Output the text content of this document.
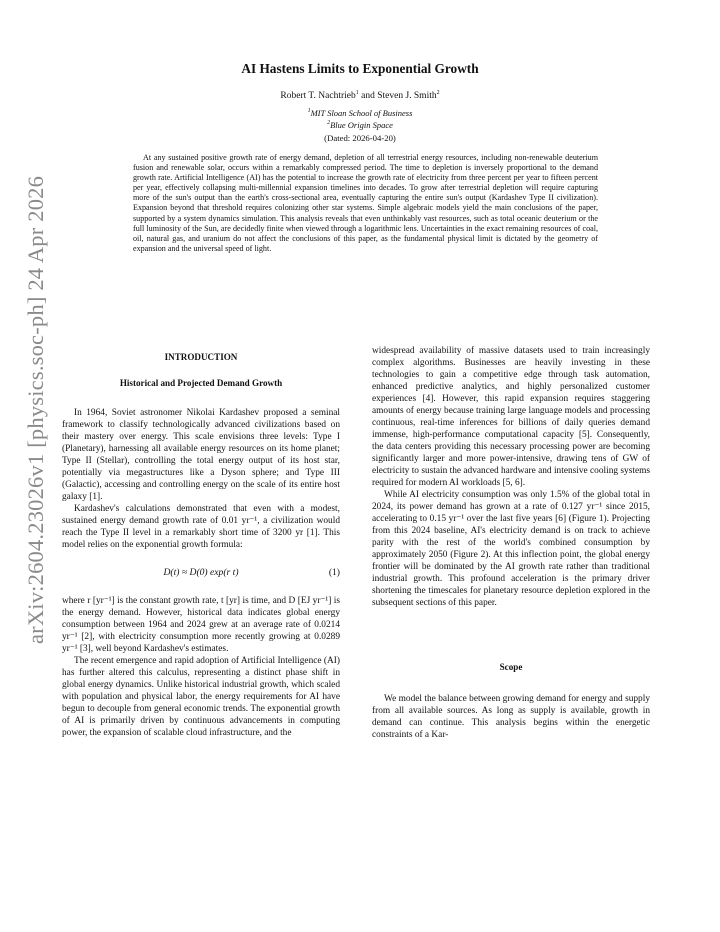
arXiv:2604.23026v1 [physics.soc-ph] 24 Apr 2026
AI Hastens Limits to Exponential Growth
Robert T. Nachtrieb$^1$ and Steven J. Smith$^2$
$^1$MIT Sloan School of Business
$^2$Blue Origin Space
(Dated: 2026-04-20)

At any sustained positive growth rate of energy demand, depletion of all terrestrial energy resources, including non-renewable deuterium fusion and renewable solar, occurs within a remarkably compressed period. The time to depletion is inversely proportional to the demand growth rate. Artificial Intelligence (AI) has the potential to increase the growth rate of electricity from three percent per year to fifteen percent per year, effectively collapsing multi-millennial expansion timelines into decades. To grow after terrestrial depletion will require capturing more of the sun's output than the earth's cross-sectional area, eventually capturing the entire sun's output (Kardashev Type II civilization). Expansion beyond that threshold requires colonizing other star systems. Simple algebraic models yield the main conclusions of the paper, supported by a system dynamics simulation. This analysis reveals that even unthinkably vast resources, such as total oceanic deuterium or the full luminosity of the Sun, are decidedly finite when viewed through a logarithmic lens. Uncertainties in the exact remaining resources of coal, oil, natural gas, and uranium do not affect the conclusions of this paper, as the fundamental physical limit is dictated by the geometry of expansion and the universal speed of light.

INTRODUCTION
Historical and Projected Demand Growth

In 1964, Soviet astronomer Nikolai Kardashev proposed a seminal framework to classify technologically advanced civilizations based on their mastery over energy. This scale envisions three levels: Type I (Planetary), harnessing all available energy resources on its home planet; Type II (Stellar), controlling the total energy output of its host star, potentially via megastructures like a Dyson sphere; and Type III (Galactic), accessing and controlling energy on the scale of its entire host galaxy [1].

Kardashev's calculations demonstrated that even with a modest, sustained energy demand growth rate of 0.01 yr⁻¹, a civilization would reach the Type II level in a remarkably short time of 3200 yr [1]. This model relies on the exponential growth formula:

D(t) ≈ D(0) exp(r t)	(1)

where r [yr⁻¹] is the constant growth rate, t [yr] is time, and D [EJ yr⁻¹] is the energy demand. However, historical data indicates global energy consumption between 1964 and 2024 grew at an average rate of 0.0214 yr⁻¹ [2], with electricity consumption more recently growing at 0.0289 yr⁻¹ [3], well beyond Kardashev's estimates.

The recent emergence and rapid adoption of Artificial Intelligence (AI) has further altered this calculus, representing a distinct phase shift in global energy dynamics. Unlike historical industrial growth, which scaled with population and physical labor, the energy requirements for AI have begun to decouple from general economic trends. The exponential growth of AI is primarily driven by continuous advancements in computing power, the expansion of scalable cloud infrastructure, and the

widespread availability of massive datasets used to train increasingly complex algorithms. Businesses are heavily investing in these technologies to gain a competitive edge through task automation, enhanced predictive analytics, and highly personalized customer experiences [4]. However, this rapid expansion requires staggering amounts of energy because training large language models and processing continuous, real-time inferences for billions of daily queries demand immense, high-performance computational capacity [5]. Consequently, the data centers providing this necessary processing power are becoming significantly larger and more power-intensive, drawing tens of GW of electricity to sustain the advanced hardware and intensive cooling systems required for modern AI workloads [5, 6].

While AI electricity consumption was only 1.5% of the global total in 2024, its power demand has grown at a rate of 0.127 yr⁻¹ since 2015, accelerating to 0.15 yr⁻¹ over the last five years [6] (Figure 1). Projecting from this 2024 baseline, AI's electricity demand is on track to achieve parity with the rest of the world's combined consumption by approximately 2050 (Figure 2). At this inflection point, the global energy frontier will be dominated by the AI growth rate rather than traditional industrial growth. This profound acceleration is the primary driver shortening the timescales for planetary resource depletion explored in the subsequent sections of this paper.

Scope

We model the balance between growing demand for energy and supply from all available sources. As long as supply is available, growth in demand can continue. This analysis begins within the energetic constraints of a Kar-
